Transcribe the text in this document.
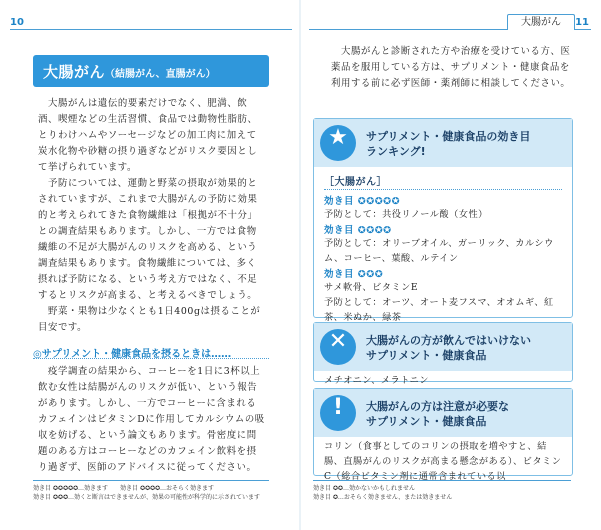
10
大腸がん（結腸がん、直腸がん）

大腸がんは遺伝的要素だけでなく、肥満、飲酒、喫煙などの生活習慣、食品では動物性脂肪、とりわけハムやソーセージなどの加工肉に加えて炭水化物や砂糖の摂り過ぎなどがリスク要因として挙げられています。

予防については、運動と野菜の摂取が効果的とされていますが、これまで大腸がんの予防に効果的と考えられてきた食物繊維は「根拠が不十分」との調査結果もあります。しかし、一方では食物繊維の不足が大腸がんのリスクを高める、という調査結果もあります。食物繊維については、多く摂れば予防になる、という考え方ではなく、不足するとリスクが高まる、と考えるべきでしょう。

野菜・果物は少なくとも1日400gは摂ることが目安です。

◎サプリメント・健康食品を摂るときは……

疫学調査の結果から、コーヒーを1日に3杯以上飲む女性は結腸がんのリスクが低い、という報告があります。しかし、一方でコーヒーに含まれるカフェインはビタミンDに作用してカルシウムの吸収を妨げる、という論文もあります。骨密度に問題のある方はコーヒーなどのカフェイン飲料を摂り過ぎず、医師のアドバイスに従ってください。

効き目 ✪✪✪✪✪…効きます　　効き目 ✪✪✪✪…おそらく効きます
効き目 ✪✪✪…効くと断言はできませんが、効果の可能性が科学的に示されています
大腸がん	11

大腸がんと診断された方や治療を受けている方、医薬品を服用している方は、サプリメント・健康食品を利用する前に必ず医師・薬剤師に相談してください。

★	サプリメント・健康食品の効き目
ランキング!
［大腸がん］
効き目 ✪✪✪✪✪
予防として：共役リノール酸（女性）
効き目 ✪✪✪✪
予防として：オリーブオイル、ガーリック、カルシウム、コーヒー、葉酸、ルテイン
効き目 ✪✪✪
サメ軟骨、ビタミンE
予防として：オーツ、オート麦フスマ、オオムギ、紅茶、米ぬか、緑茶
✕	大腸がんの方が飲んではいけない
サプリメント・健康食品
メチオニン、メラトニン
!	大腸がんの方は注意が必要な
サプリメント・健康食品
コリン（食事としてのコリンの摂取を増やすと、結腸、直腸がんのリスクが高まる懸念がある）、ビタミンC（総合ビタミン剤に通常含まれている以
効き目 ✪✪…効かないかもしれません
効き目 ✪…おそらく効きません、または効きません
